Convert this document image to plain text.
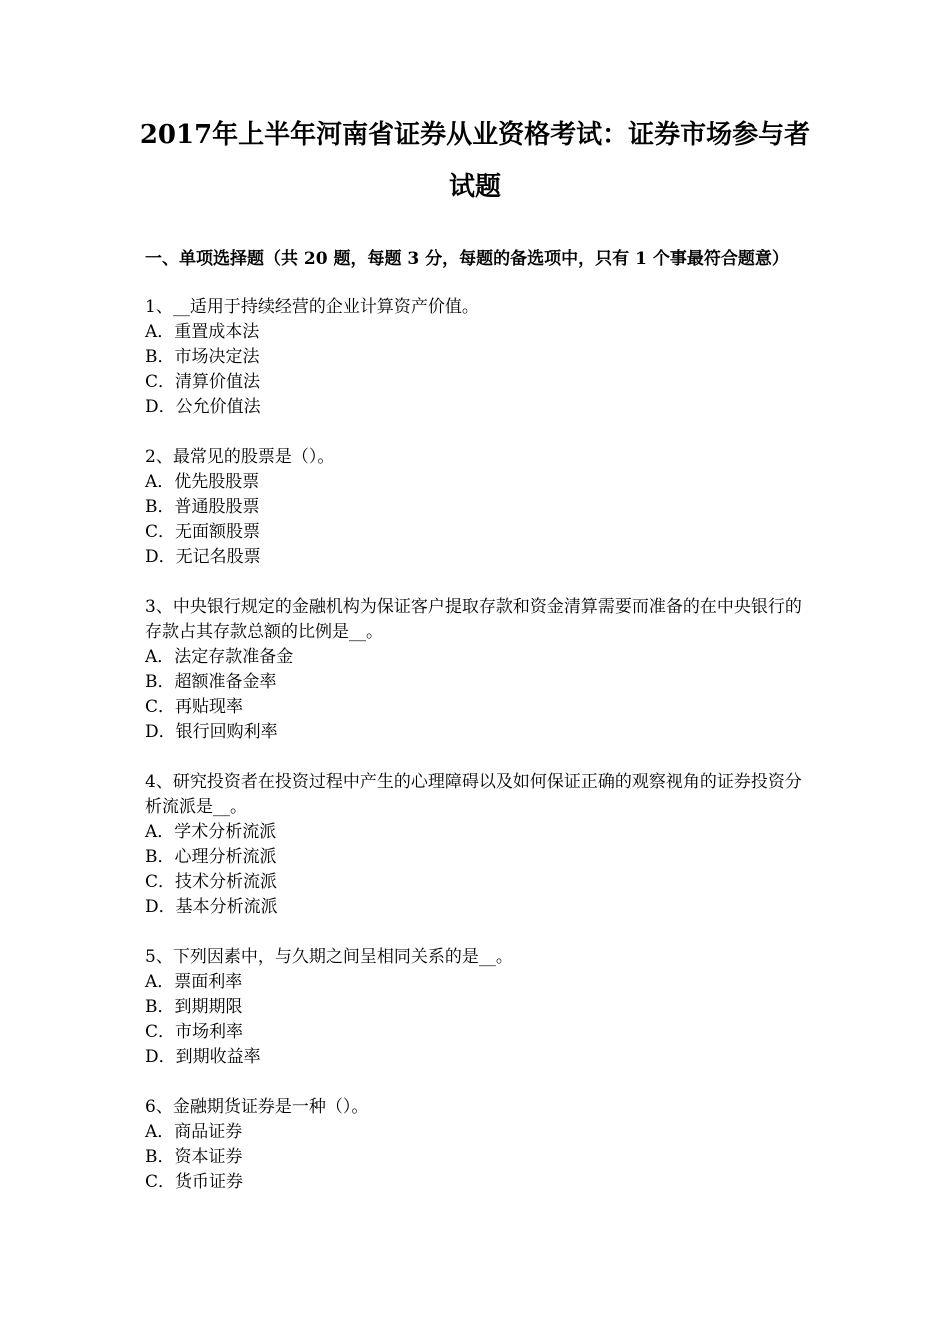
2017年上半年河南省证券从业资格考试：证券市场参与者
试题
一、单项选择题（共 20 题，每题 3 分，每题的备选项中，只有 1 个事最符合题意）

1、__适用于持续经营的企业计算资产价值。

A．重置成本法

B．市场决定法

C．清算价值法

D．公允价值法

2、最常见的股票是（）。

A．优先股股票

B．普通股股票

C．无面额股票

D．无记名股票

3、中央银行规定的金融机构为保证客户提取存款和资金清算需要而准备的在中央银行的存款占其存款总额的比例是__。

A．法定存款准备金

B．超额准备金率

C．再贴现率

D．银行回购利率

4、研究投资者在投资过程中产生的心理障碍以及如何保证正确的观察视角的证券投资分析流派是__。

A．学术分析流派

B．心理分析流派

C．技术分析流派

D．基本分析流派

5、下列因素中，与久期之间呈相同关系的是__。

A．票面利率

B．到期期限

C．市场利率

D．到期收益率

6、金融期货证券是一种（）。

A．商品证券

B．资本证券

C．货币证券
